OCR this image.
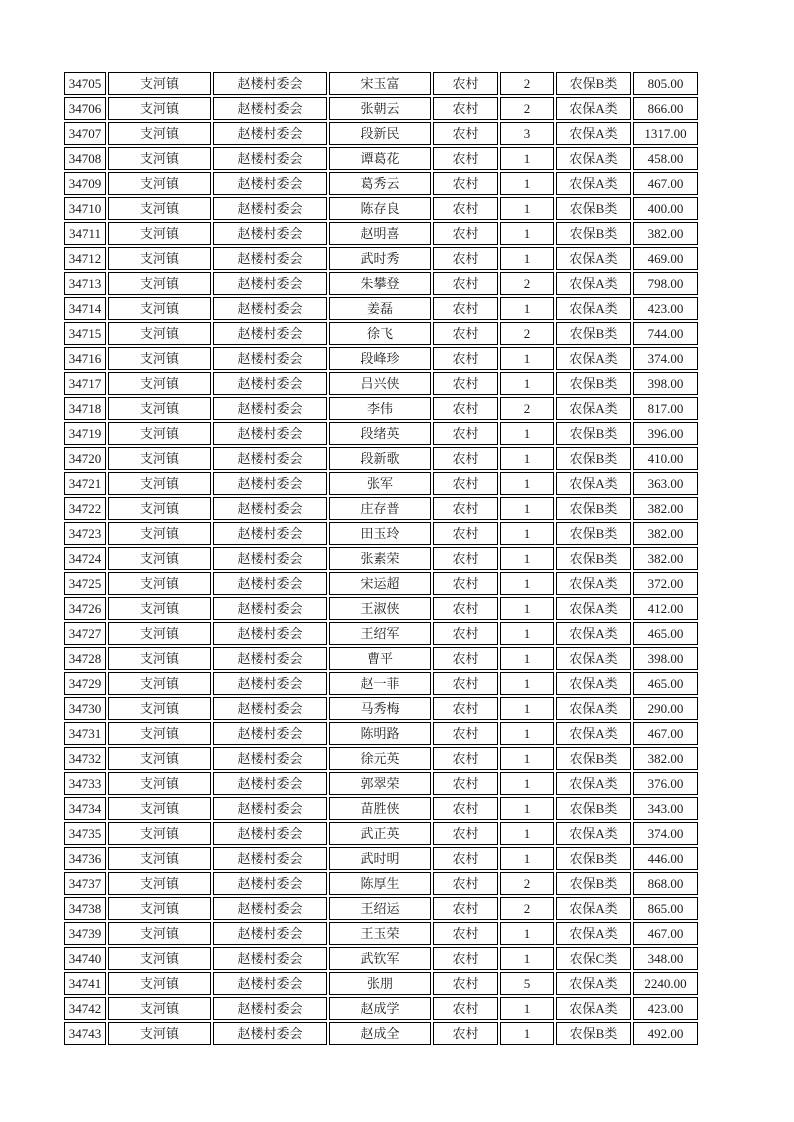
34705	支河镇	赵楼村委会	宋玉富	农村	2	农保B类	805.00
34706	支河镇	赵楼村委会	张朝云	农村	2	农保A类	866.00
34707	支河镇	赵楼村委会	段新民	农村	3	农保A类	1317.00
34708	支河镇	赵楼村委会	谭葛花	农村	1	农保A类	458.00
34709	支河镇	赵楼村委会	葛秀云	农村	1	农保A类	467.00
34710	支河镇	赵楼村委会	陈存良	农村	1	农保B类	400.00
34711	支河镇	赵楼村委会	赵明喜	农村	1	农保B类	382.00
34712	支河镇	赵楼村委会	武时秀	农村	1	农保A类	469.00
34713	支河镇	赵楼村委会	朱攀登	农村	2	农保A类	798.00
34714	支河镇	赵楼村委会	姜磊	农村	1	农保A类	423.00
34715	支河镇	赵楼村委会	徐飞	农村	2	农保B类	744.00
34716	支河镇	赵楼村委会	段峰珍	农村	1	农保A类	374.00
34717	支河镇	赵楼村委会	吕兴侠	农村	1	农保B类	398.00
34718	支河镇	赵楼村委会	李伟	农村	2	农保A类	817.00
34719	支河镇	赵楼村委会	段绪英	农村	1	农保B类	396.00
34720	支河镇	赵楼村委会	段新歌	农村	1	农保B类	410.00
34721	支河镇	赵楼村委会	张军	农村	1	农保A类	363.00
34722	支河镇	赵楼村委会	庄存普	农村	1	农保B类	382.00
34723	支河镇	赵楼村委会	田玉玲	农村	1	农保B类	382.00
34724	支河镇	赵楼村委会	张素荣	农村	1	农保B类	382.00
34725	支河镇	赵楼村委会	宋运超	农村	1	农保A类	372.00
34726	支河镇	赵楼村委会	王淑侠	农村	1	农保A类	412.00
34727	支河镇	赵楼村委会	王绍军	农村	1	农保A类	465.00
34728	支河镇	赵楼村委会	曹平	农村	1	农保A类	398.00
34729	支河镇	赵楼村委会	赵一菲	农村	1	农保A类	465.00
34730	支河镇	赵楼村委会	马秀梅	农村	1	农保A类	290.00
34731	支河镇	赵楼村委会	陈明路	农村	1	农保A类	467.00
34732	支河镇	赵楼村委会	徐元英	农村	1	农保B类	382.00
34733	支河镇	赵楼村委会	郭翠荣	农村	1	农保A类	376.00
34734	支河镇	赵楼村委会	苗胜侠	农村	1	农保B类	343.00
34735	支河镇	赵楼村委会	武正英	农村	1	农保A类	374.00
34736	支河镇	赵楼村委会	武时明	农村	1	农保B类	446.00
34737	支河镇	赵楼村委会	陈厚生	农村	2	农保B类	868.00
34738	支河镇	赵楼村委会	王绍运	农村	2	农保A类	865.00
34739	支河镇	赵楼村委会	王玉荣	农村	1	农保A类	467.00
34740	支河镇	赵楼村委会	武钦军	农村	1	农保C类	348.00
34741	支河镇	赵楼村委会	张朋	农村	5	农保A类	2240.00
34742	支河镇	赵楼村委会	赵成学	农村	1	农保A类	423.00
34743	支河镇	赵楼村委会	赵成全	农村	1	农保B类	492.00
